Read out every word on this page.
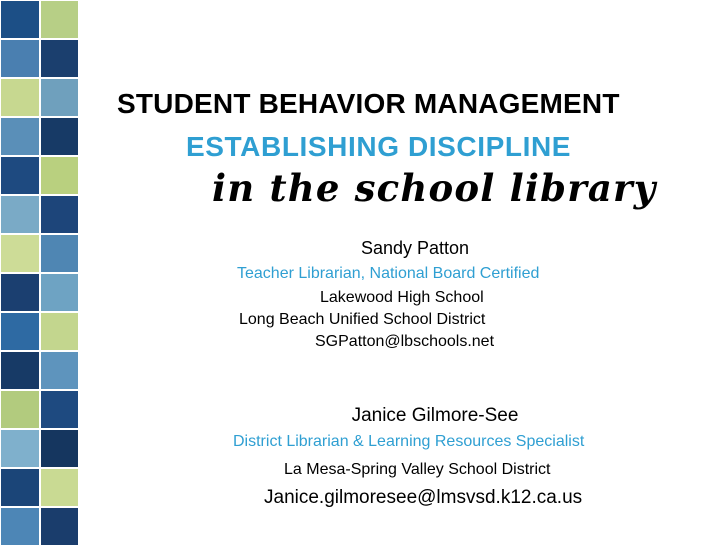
STUDENT BEHAVIOR MANAGEMENT
ESTABLISHING DISCIPLINE
in the school library
Sandy Patton
Teacher Librarian, National Board Certified
Lakewood High School
Long Beach Unified School District
SGPatton@lbschools.net
Janice Gilmore-See
District Librarian & Learning Resources Specialist
La Mesa-Spring Valley School District
Janice.gilmoresee@lmsvsd.k12.ca.us
